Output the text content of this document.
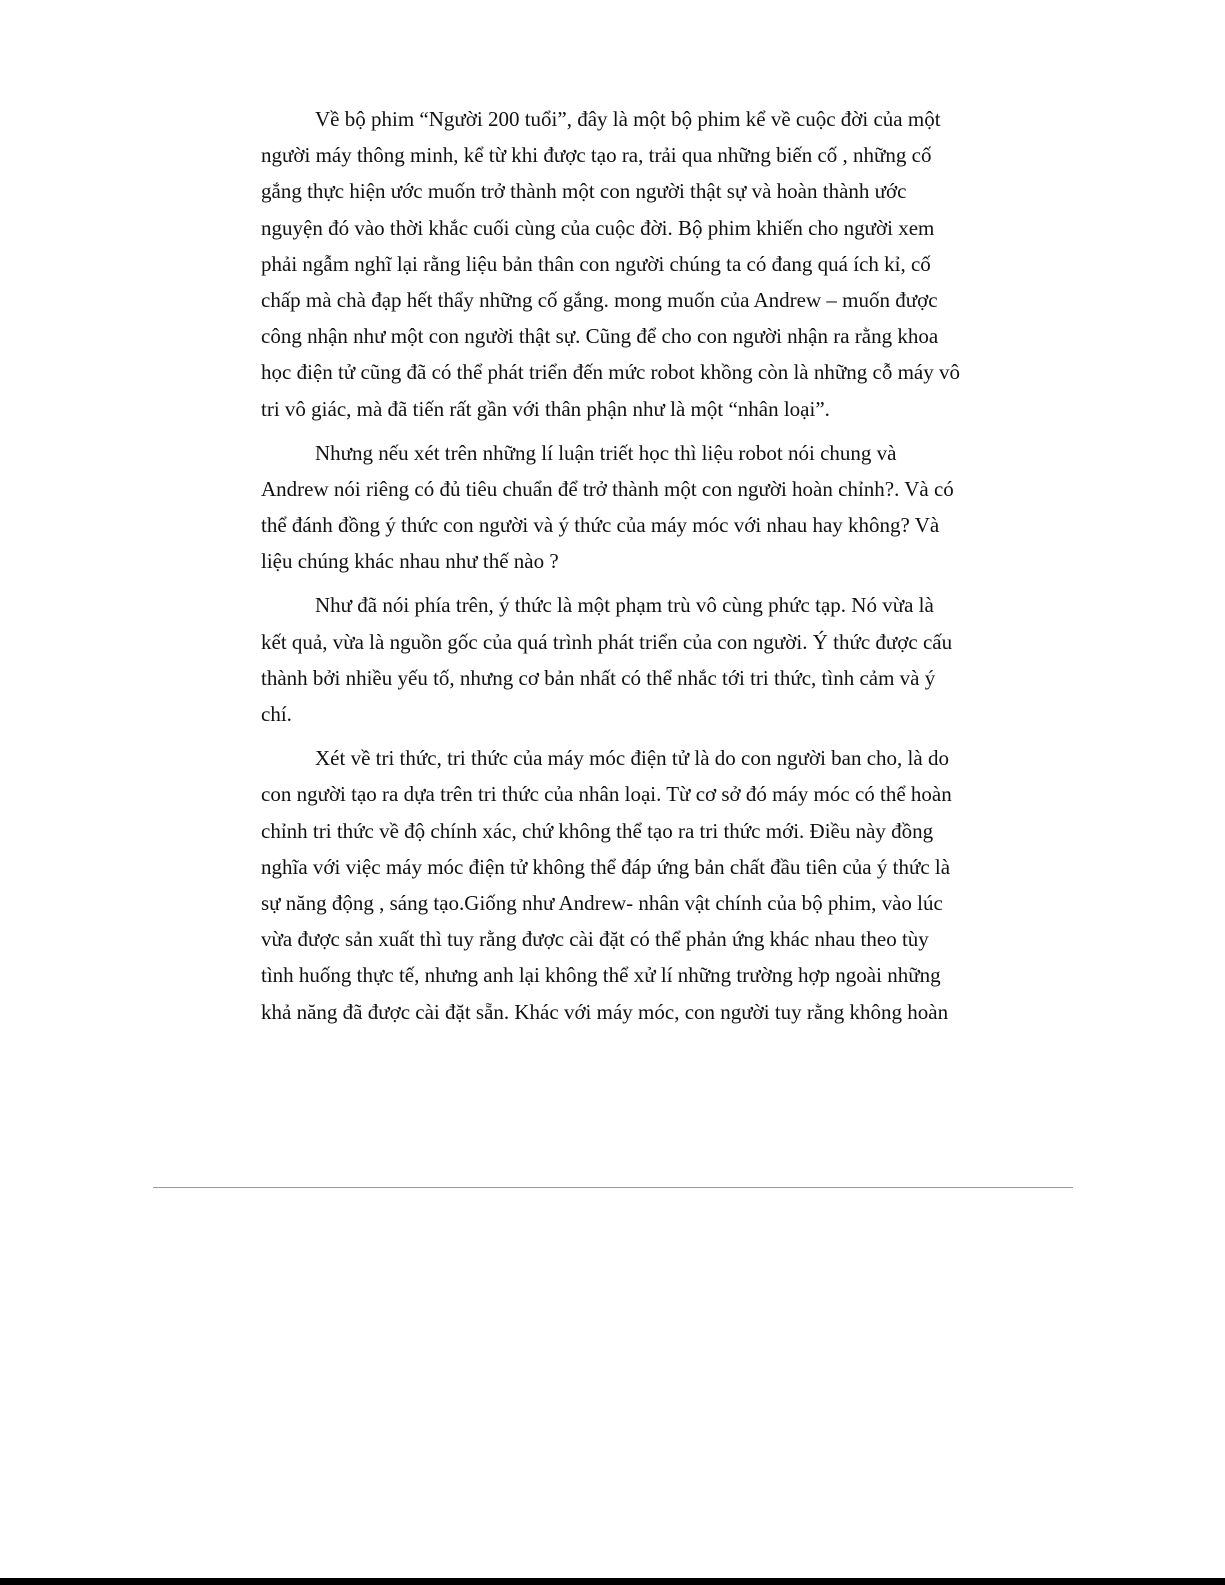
Về bộ phim “Người 200 tuổi”, đây là một bộ phim kể về cuộc đời của một
người máy thông minh, kể từ khi được tạo ra, trải qua những biến cố , những cố
gắng thực hiện ước muốn trở thành một con người thật sự và hoàn thành ước
nguyện đó vào thời khắc cuối cùng của cuộc đời. Bộ phim khiến cho người xem
phải ngẫm nghĩ lại rằng liệu bản thân con người chúng ta có đang quá ích kỉ, cố
chấp mà chà đạp hết thẩy những cố gắng. mong muốn của Andrew – muốn được
công nhận như một con người thật sự. Cũng để cho con người nhận ra rằng khoa
học điện tử cũng đã có thể phát triển đến mức robot khồng còn là những cỗ máy vô
tri vô giác, mà đã tiến rất gần với thân phận như là một “nhân loại”.
Nhưng nếu xét trên những lí luận triết học thì liệu robot nói chung và
Andrew nói riêng có đủ tiêu chuẩn để trở thành một con người hoàn chỉnh?. Và có
thể đánh đồng ý thức con người và ý thức của máy móc với nhau hay không? Và
liệu chúng khác nhau như thế nào ?
Như đã nói phía trên, ý thức là một phạm trù vô cùng phức tạp. Nó vừa là
kết quả, vừa là nguồn gốc của quá trình phát triển của con người. Ý thức được cấu
thành bởi nhiều yếu tố, nhưng cơ bản nhất có thể nhắc tới tri thức, tình cảm và ý
chí.
Xét về tri thức, tri thức của máy móc điện tử là do con người ban cho, là do
con người tạo ra dựa trên tri thức của nhân loại. Từ cơ sở đó máy móc có thể hoàn
chỉnh tri thức về độ chính xác, chứ không thể tạo ra tri thức mới. Điều này đồng
nghĩa với việc máy móc điện tử không thể đáp ứng bản chất đầu tiên của ý thức là
sự năng động , sáng tạo.Giống như Andrew- nhân vật chính của bộ phim, vào lúc
vừa được sản xuất thì tuy rằng được cài đặt có thể phản ứng khác nhau theo tùy
tình huống thực tế, nhưng anh lại không thể xử lí những trường hợp ngoài những
khả năng đã được cài đặt sẵn. Khác với máy móc, con người tuy rằng không hoàn
